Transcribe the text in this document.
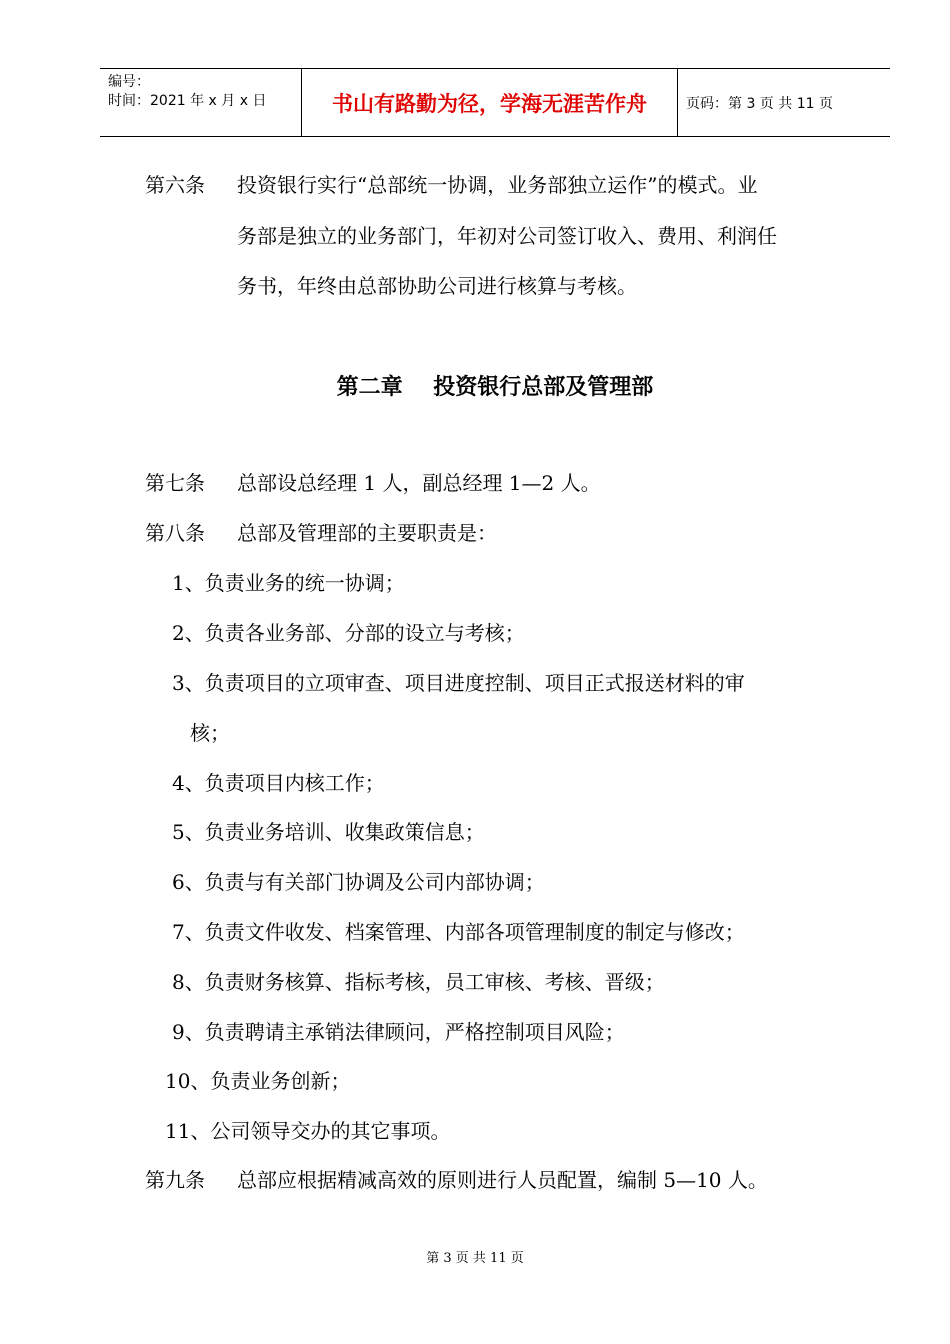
编号：
时间：2021 年 x 月 x 日	书山有路勤为径，学海无涯苦作舟	页码：第 3 页 共 11 页
第六条 投资银行实行“总部统一协调，业务部独立运作”的模式。业
务部是独立的业务部门，年初对公司签订收入、费用、利润任
务书，年终由总部协助公司进行核算与考核。
第二章    投资银行总部及管理部
第七条 总部设总经理 1 人，副总经理 1—2 人。
第八条 总部及管理部的主要职责是：
1、负责业务的统一协调；
2、负责各业务部、分部的设立与考核；
3、负责项目的立项审查、项目进度控制、项目正式报送材料的审
核；
4、负责项目内核工作；
5、负责业务培训、收集政策信息；
6、负责与有关部门协调及公司内部协调；
7、负责文件收发、档案管理、内部各项管理制度的制定与修改；
8、负责财务核算、指标考核，员工审核、考核、晋级；
9、负责聘请主承销法律顾问，严格控制项目风险；
10、负责业务创新；
11、公司领导交办的其它事项。
第九条 总部应根据精减高效的原则进行人员配置，编制 5—10 人。
第 3 页 共 11 页
